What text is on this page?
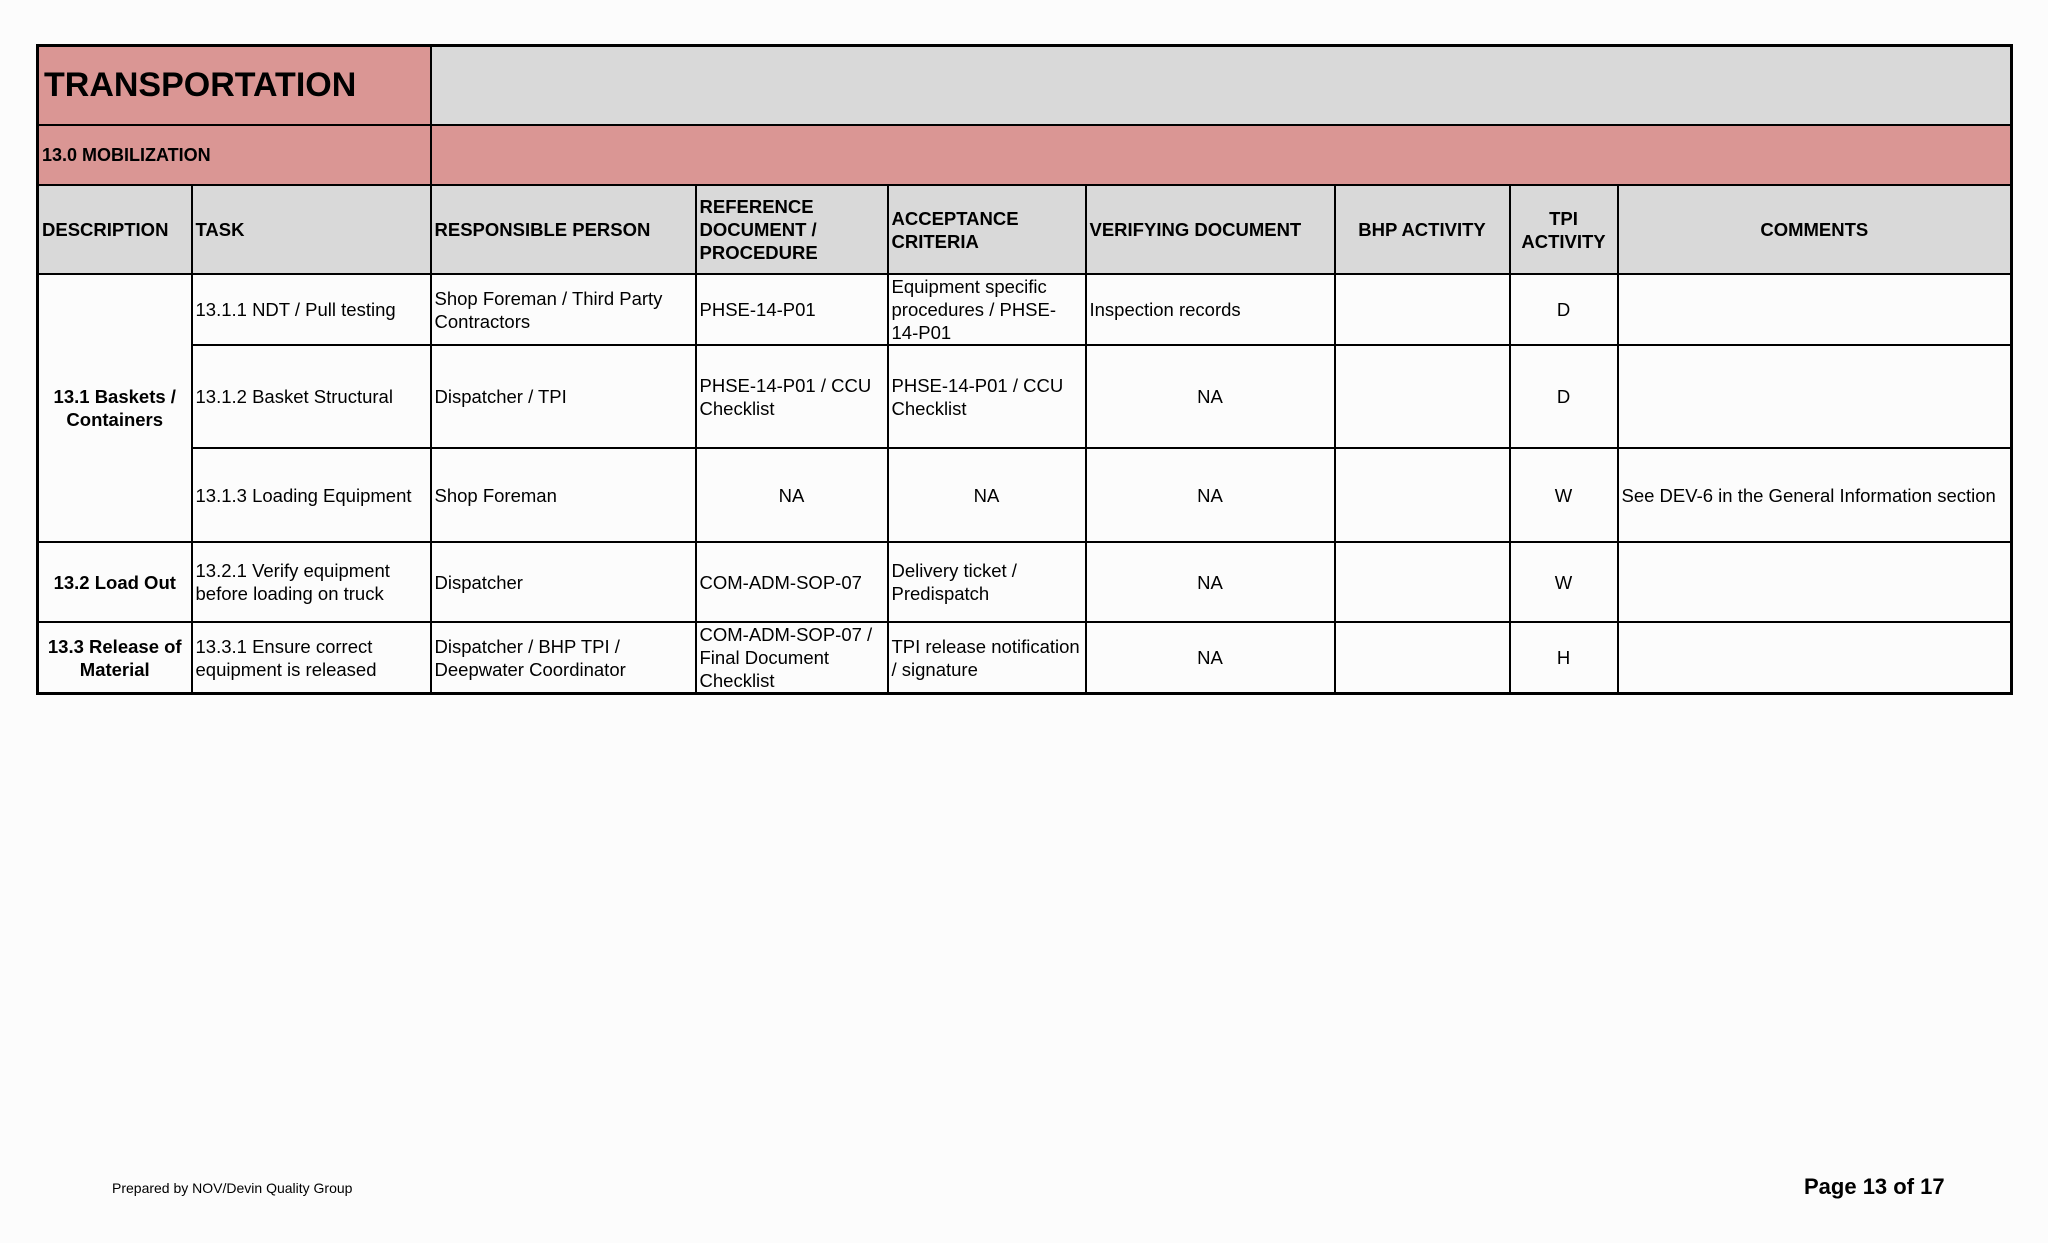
TRANSPORTATION								
13.0 MOBILIZATION								
DESCRIPTION	TASK	RESPONSIBLE PERSON	REFERENCE DOCUMENT / PROCEDURE	ACCEPTANCE CRITERIA	VERIFYING DOCUMENT	BHP ACTIVITY	TPI ACTIVITY	COMMENTS
13.1 Baskets / Containers	13.1.1 NDT / Pull testing	Shop Foreman / Third Party Contractors	PHSE-14-P01	Equipment specific procedures / PHSE-14-P01	Inspection records		D	
	13.1.2 Basket Structural	Dispatcher / TPI	PHSE-14-P01 / CCU Checklist	PHSE-14-P01 / CCU Checklist	NA		D	
	13.1.3 Loading Equipment	Shop Foreman	NA	NA	NA		W	See DEV-6 in the General Information section
13.2 Load Out	13.2.1 Verify equipment before loading on truck	Dispatcher	COM-ADM-SOP-07	Delivery ticket / Predispatch	NA		W	
13.3 Release of Material	13.3.1 Ensure correct equipment is released	Dispatcher / BHP TPI / Deepwater Coordinator	COM-ADM-SOP-07 / Final Document Checklist	TPI release notification / signature	NA		H	
Prepared by NOV/Devin Quality Group	Page 13 of 17
